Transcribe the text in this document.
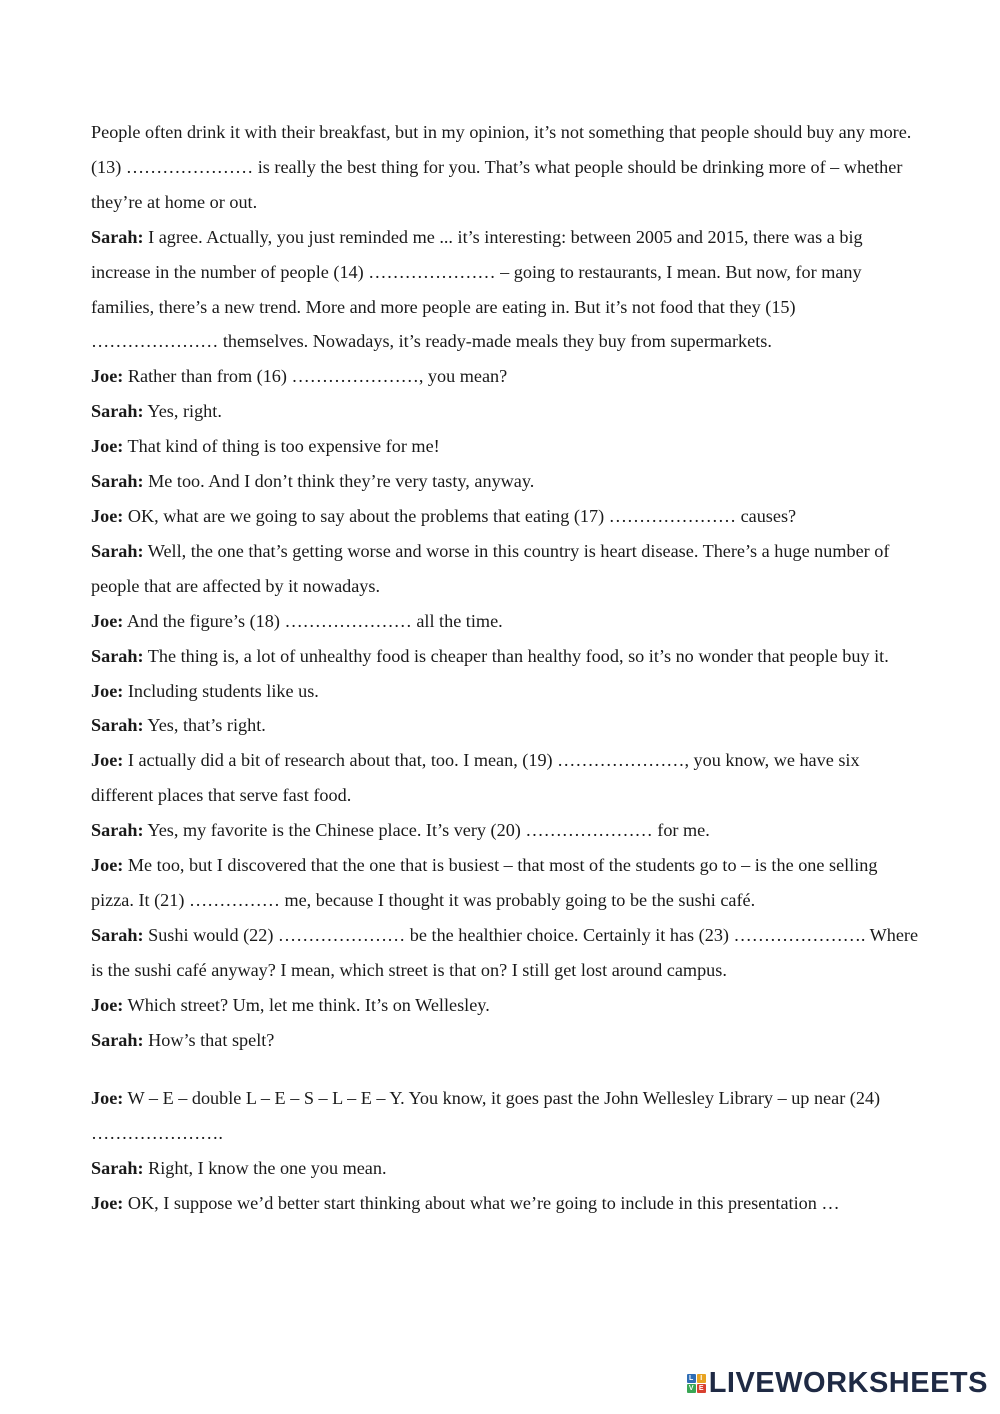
People often drink it with their breakfast, but in my opinion, it’s not something that people should buy any more. (13) ………………… is really the best thing for you. That’s what people should be drinking more of – whether they’re at home or out.

Sarah: I agree. Actually, you just reminded me ... it’s interesting: between 2005 and 2015, there was a big increase in the number of people (14) ………………… – going to restaurants, I mean. But now, for many families, there’s a new trend. More and more people are eating in. But it’s not food that they (15) ………………… themselves. Nowadays, it’s ready-made meals they buy from supermarkets.

Joe: Rather than from (16) …………………, you mean?

Sarah: Yes, right.

Joe: That kind of thing is too expensive for me!

Sarah: Me too. And I don’t think they’re very tasty, anyway.

Joe: OK, what are we going to say about the problems that eating (17) ………………… causes?

Sarah: Well, the one that’s getting worse and worse in this country is heart disease. There’s a huge number of people that are affected by it nowadays.

Joe: And the figure’s (18) ………………… all the time.

Sarah: The thing is, a lot of unhealthy food is cheaper than healthy food, so it’s no wonder that people buy it.

Joe: Including students like us.

Sarah: Yes, that’s right.

Joe: I actually did a bit of research about that, too. I mean, (19) …………………, you know, we have six different places that serve fast food.

Sarah: Yes, my favorite is the Chinese place. It’s very (20) ………………… for me.

Joe: Me too, but I discovered that the one that is busiest – that most of the students go to – is the one selling pizza. It (21) …………… me, because I thought it was probably going to be the sushi café.

Sarah: Sushi would (22) ………………… be the healthier choice. Certainly it has (23) …………………. Where is the sushi café anyway? I mean, which street is that on? I still get lost around campus.

Joe: Which street? Um, let me think. It’s on Wellesley.

Sarah: How’s that spelt?

Joe: W – E – double L – E – S – L – E – Y. You know, it goes past the John Wellesley Library – up near (24) ………………….

Sarah: Right, I know the one you mean.

Joe: OK, I suppose we’d better start thinking about what we’re going to include in this presentation …

L I
V E LIVEWORKSHEETS
